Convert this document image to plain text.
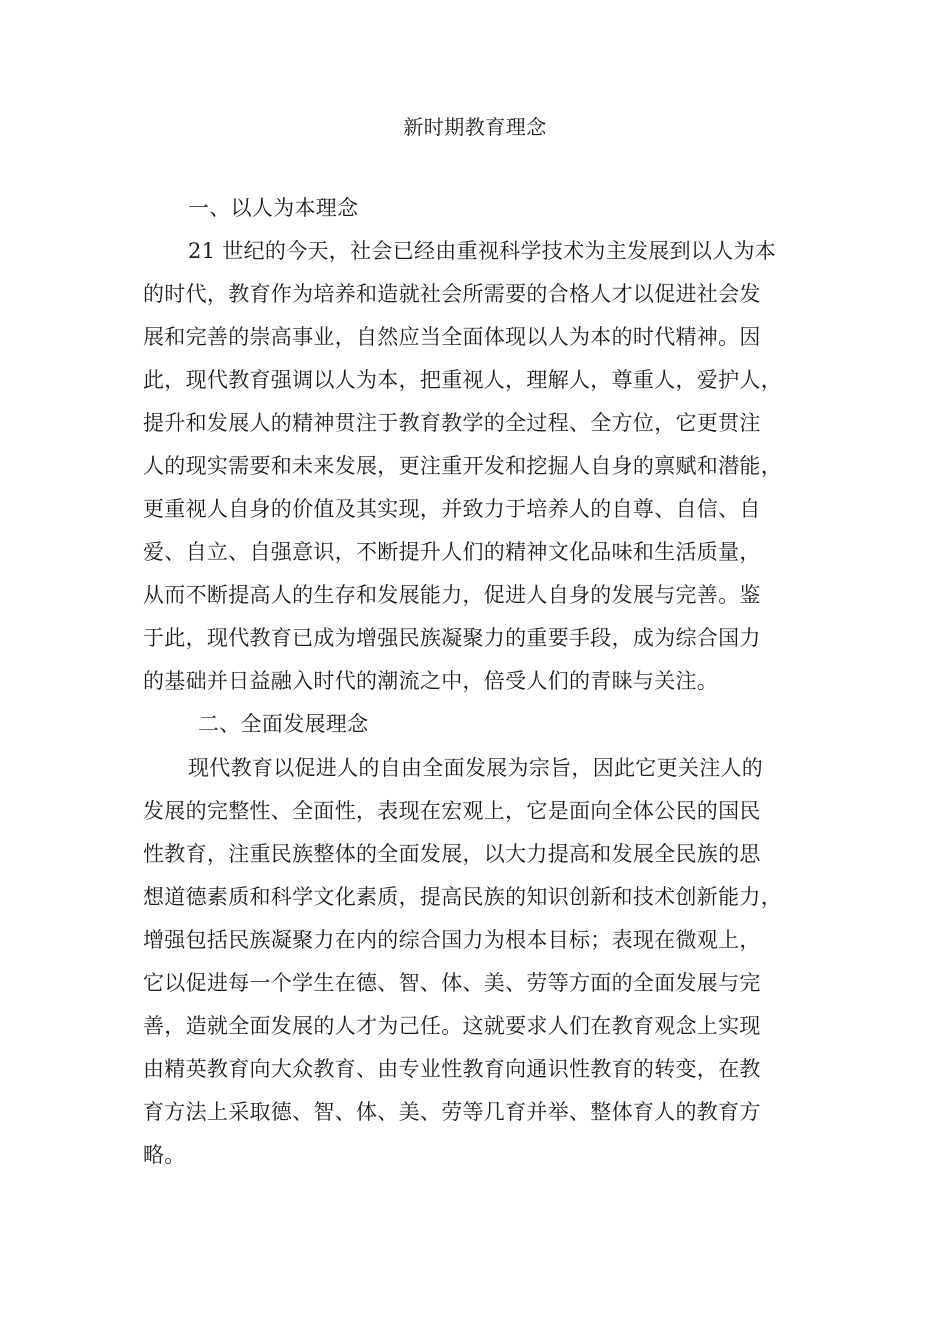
新时期教育理念
一、以人为本理念
21 世纪的今天，社会已经由重视科学技术为主发展到以人为本
的时代，教育作为培养和造就社会所需要的合格人才以促进社会发
展和完善的崇高事业，自然应当全面体现以人为本的时代精神。因
此，现代教育强调以人为本，把重视人，理解人，尊重人，爱护人，
提升和发展人的精神贯注于教育教学的全过程、全方位，它更贯注
人的现实需要和未来发展，更注重开发和挖掘人自身的禀赋和潜能，
更重视人自身的价值及其实现，并致力于培养人的自尊、自信、自
爱、自立、自强意识，不断提升人们的精神文化品味和生活质量，
从而不断提高人的生存和发展能力，促进人自身的发展与完善。鉴
于此，现代教育已成为增强民族凝聚力的重要手段，成为综合国力
的基础并日益融入时代的潮流之中，倍受人们的青睐与关注。
二、全面发展理念
现代教育以促进人的自由全面发展为宗旨，因此它更关注人的
发展的完整性、全面性，表现在宏观上，它是面向全体公民的国民
性教育，注重民族整体的全面发展，以大力提高和发展全民族的思
想道德素质和科学文化素质，提高民族的知识创新和技术创新能力，
增强包括民族凝聚力在内的综合国力为根本目标；表现在微观上，
它以促进每一个学生在德、智、体、美、劳等方面的全面发展与完
善，造就全面发展的人才为己任。这就要求人们在教育观念上实现
由精英教育向大众教育、由专业性教育向通识性教育的转变，在教
育方法上采取德、智、体、美、劳等几育并举、整体育人的教育方
略。
